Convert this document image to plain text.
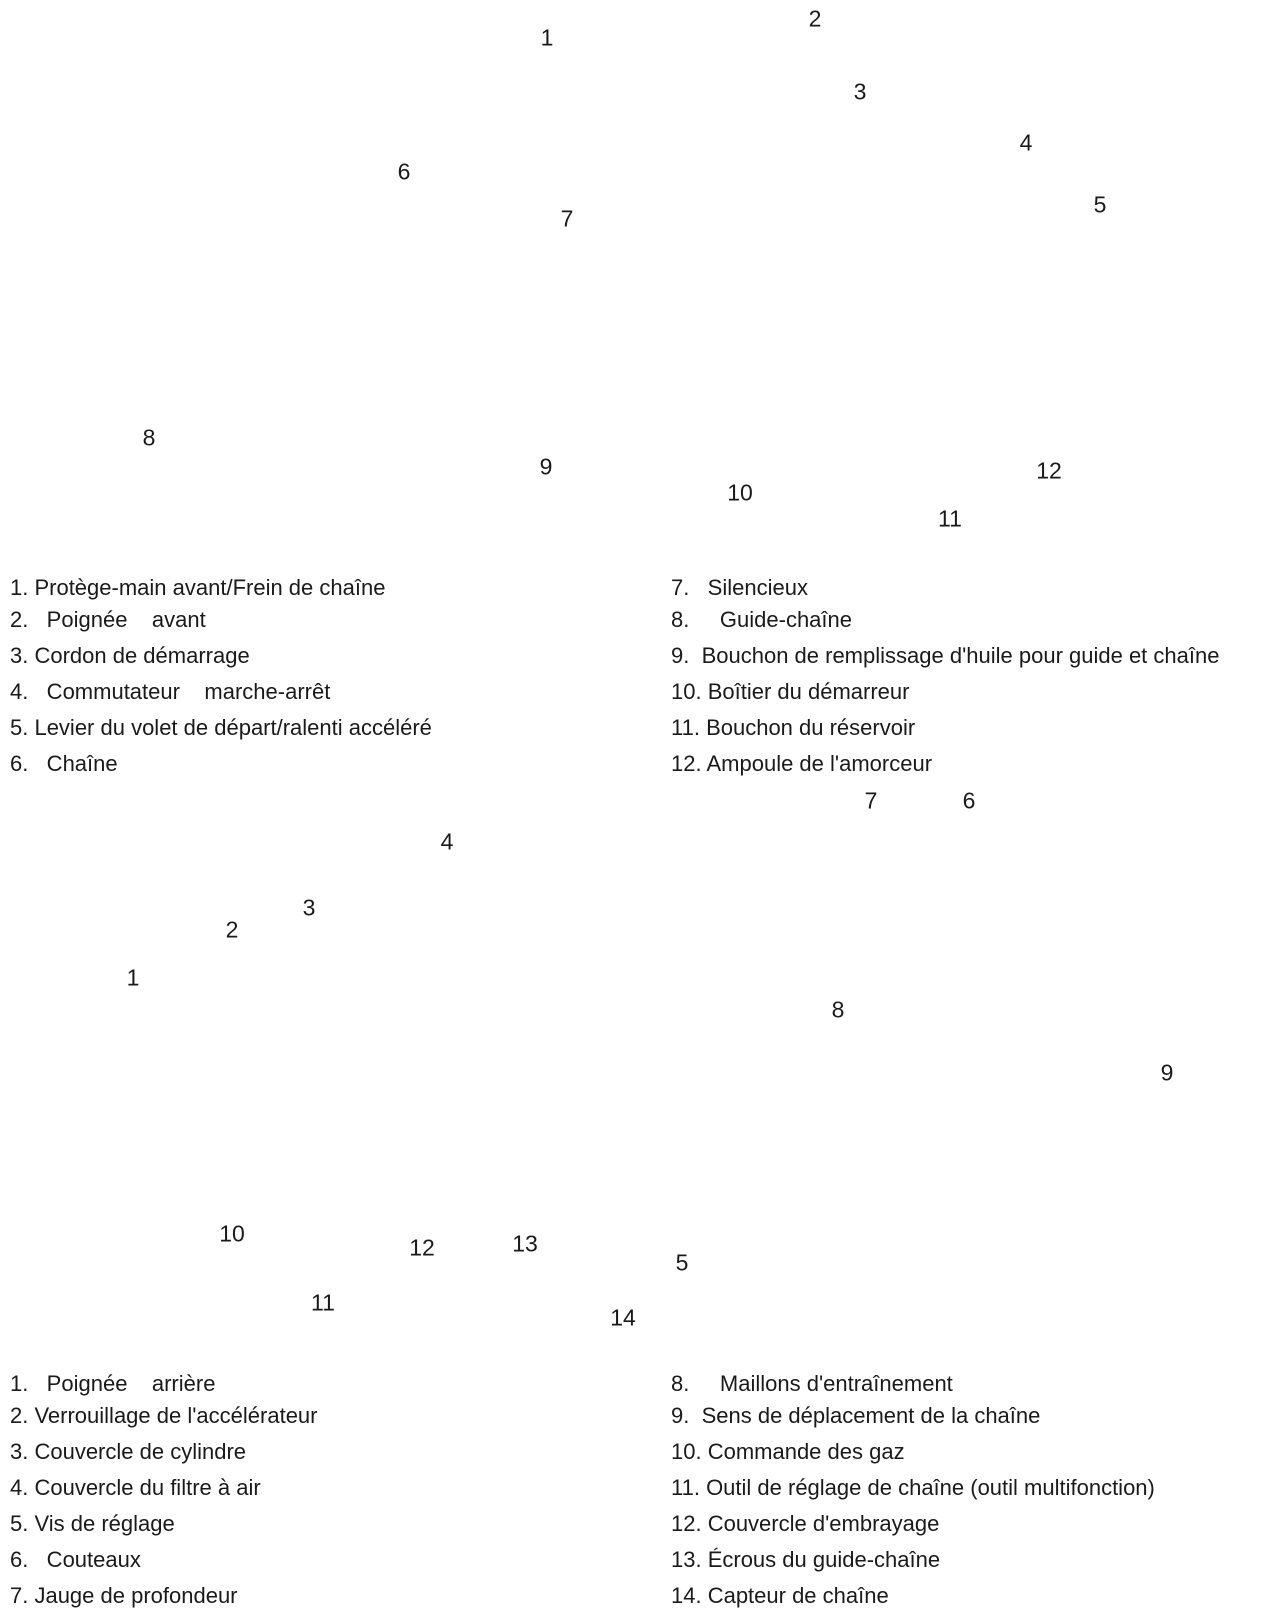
1
2
3
4
5
6
7
8
9
10
12
11
1. Protège-main avant/Frein de chaîne
2.   Poignée    avant
3. Cordon de démarrage
4.   Commutateur    marche-arrêt
5. Levier du volet de départ/ralenti accéléré
6.   Chaîne
7.   Silencieux
8.     Guide-chaîne
9.  Bouchon de remplissage d'huile pour guide et chaîne
10. Boîtier du démarreur
11. Bouchon du réservoir
12. Ampoule de l'amorceur
7	6
4
3
2
1
8
9
10
12	13
5
11
14
1.   Poignée    arrière
2. Verrouillage de l'accélérateur
3. Couvercle de cylindre
4. Couvercle du filtre à air
5. Vis de réglage
6.   Couteaux
7. Jauge de profondeur
8.     Maillons d'entraînement
9.  Sens de déplacement de la chaîne
10. Commande des gaz
11. Outil de réglage de chaîne (outil multifonction)
12. Couvercle d'embrayage
13. Écrous du guide-chaîne
14. Capteur de chaîne
